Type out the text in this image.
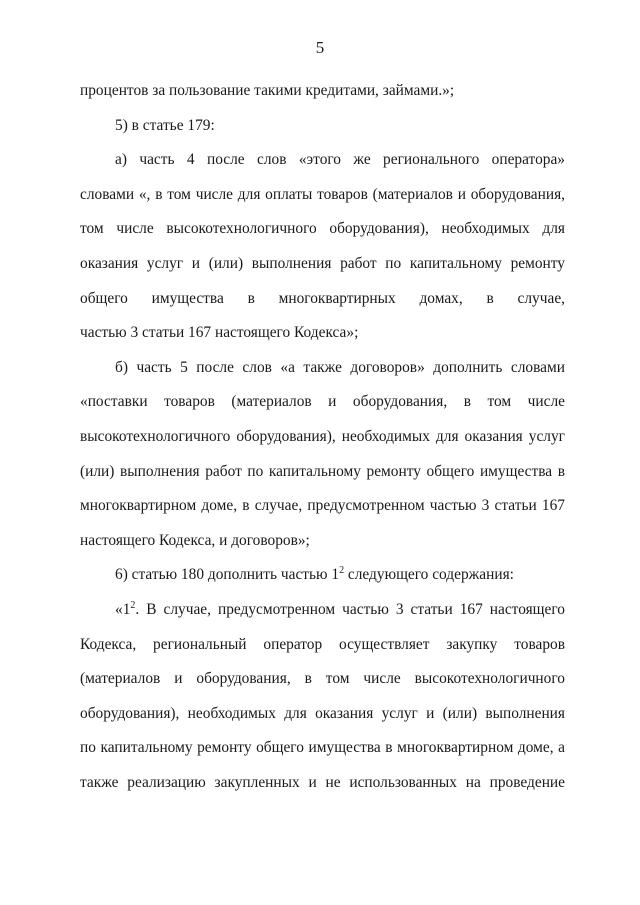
5
процентов за пользование такими кредитами, займами.»;
5) в статье 179:
а) часть 4 после слов «этого же регионального оператора»
словами «, в том числе для оплаты товаров (материалов и оборудования,
том числе высокотехнологичного оборудования), необходимых для
оказания услуг и (или) выполнения работ по капитальному ремонту
общего имущества в многоквартирных домах, в случае,
частью 3 статьи 167 настоящего Кодекса»;
б) часть 5 после слов «а также договоров» дополнить словами
«поставки товаров (материалов и оборудования, в том числе
высокотехнологичного оборудования), необходимых для оказания услуг
(или) выполнения работ по капитальному ремонту общего имущества в
многоквартирном доме, в случае, предусмотренном частью 3 статьи 167
настоящего Кодекса, и договоров»;
6) статью 180 дополнить частью $1^2$ следующего содержания:
«$1^2$. В случае, предусмотренном частью 3 статьи 167 настоящего
Кодекса, региональный оператор осуществляет закупку товаров
(материалов и оборудования, в том числе высокотехнологичного
оборудования), необходимых для оказания услуг и (или) выполнения
по капитальному ремонту общего имущества в многоквартирном доме, а
также реализацию закупленных и не использованных на проведение
